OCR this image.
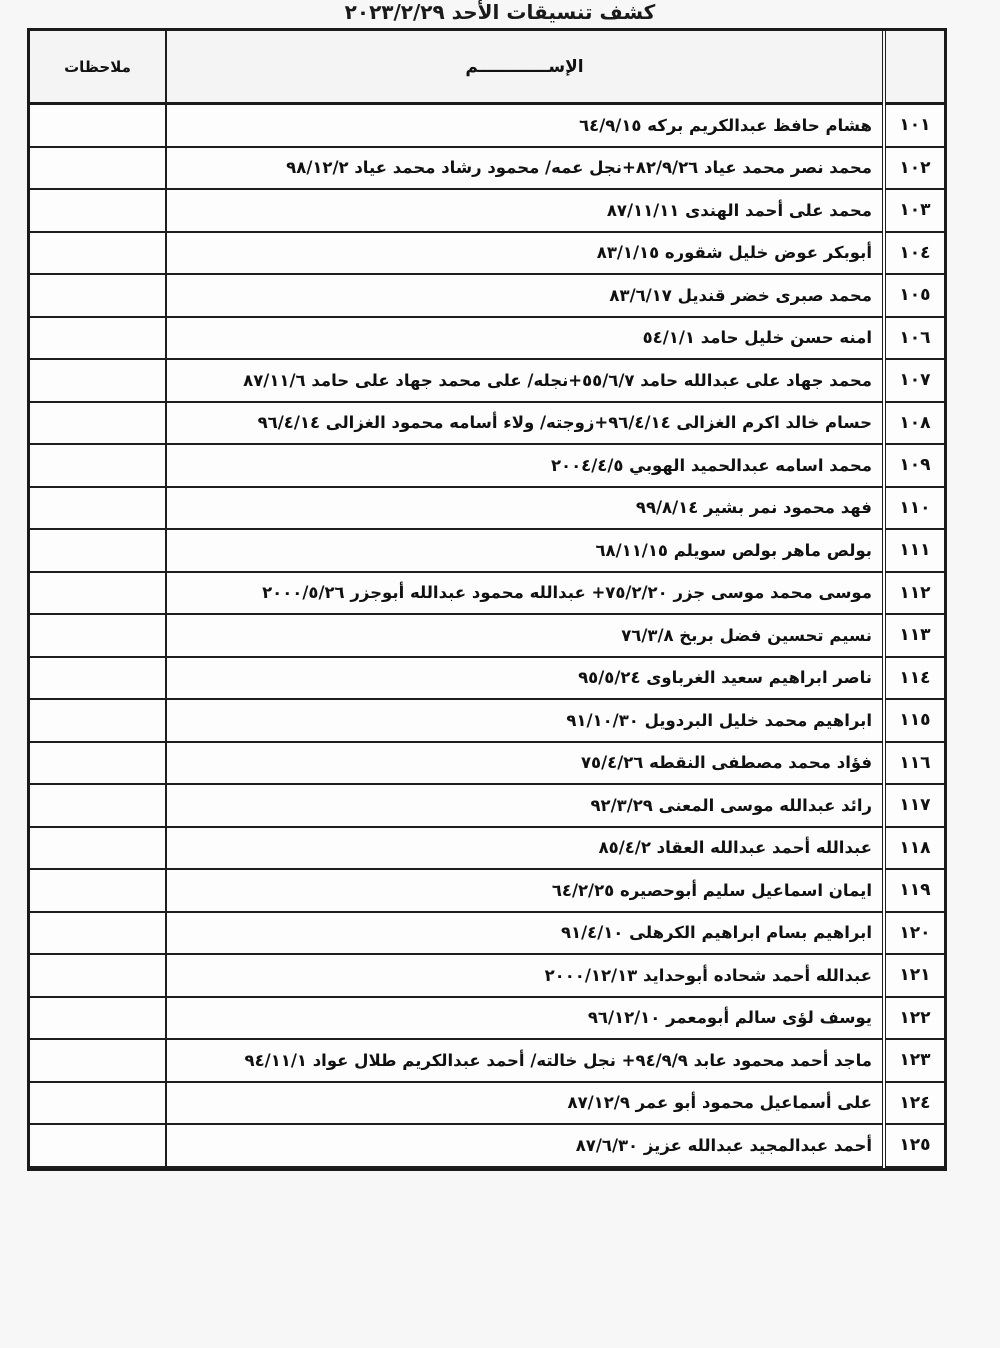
كشف تنسيقات الأحد ٢٠٢٣/٢/٢٩
	الإســــــــــــم	ملاحظات
١٠١	هشام حافظ عبدالكريم بركه ٦٤/٩/١٥	
١٠٢	محمد نصر محمد عياد ٨٢/٩/٢٦+نجل عمه/ محمود رشاد محمد عياد ٩٨/١٢/٢	
١٠٣	محمد على أحمد الهندى ٨٧/١١/١١	
١٠٤	أبوبكر عوض خليل شقوره ٨٣/١/١٥	
١٠٥	محمد صبرى خضر قنديل ٨٣/٦/١٧	
١٠٦	امنه حسن خليل حامد ٥٤/١/١	
١٠٧	محمد جهاد على عبدالله حامد ٥٥/٦/٧+نجله/ على محمد جهاد على حامد ٨٧/١١/٦	
١٠٨	حسام خالد اكرم الغزالى ٩٦/٤/١٤+زوجته/ ولاء أسامه محمود الغزالى ٩٦/٤/١٤	
١٠٩	محمد اسامه عبدالحميد الهوبي ٢٠٠٤/٤/٥	
١١٠	فهد محمود نمر بشير ٩٩/٨/١٤	
١١١	بولص ماهر بولص سويلم ٦٨/١١/١٥	
١١٢	موسى محمد موسى جزر ٧٥/٢/٢٠+ عبدالله محمود عبدالله أبوجزر ٢٠٠٠/٥/٢٦	
١١٣	نسيم تحسين فضل بربخ ٧٦/٣/٨	
١١٤	ناصر ابراهيم سعيد الغرباوى ٩٥/٥/٢٤	
١١٥	ابراهيم محمد خليل البردويل ٩١/١٠/٣٠	
١١٦	فؤاد محمد مصطفى النقطه ٧٥/٤/٢٦	
١١٧	رائد عبدالله موسى المعنى ٩٢/٣/٢٩	
١١٨	عبدالله أحمد عبدالله العقاد ٨٥/٤/٢	
١١٩	ايمان اسماعيل سليم أبوحصيره ٦٤/٢/٢٥	
١٢٠	ابراهيم بسام ابراهيم الكرهلى ٩١/٤/١٠	
١٢١	عبدالله أحمد شحاده أبوحدايد ٢٠٠٠/١٢/١٣	
١٢٢	يوسف لؤى سالم أبومعمر ٩٦/١٢/١٠	
١٢٣	ماجد أحمد محمود عابد ٩٤/٩/٩+ نجل خالته/ أحمد عبدالكريم طلال عواد ٩٤/١١/١	
١٢٤	على أسماعيل محمود أبو عمر ٨٧/١٢/٩	
١٢٥	أحمد عبدالمجيد عبدالله عزيز ٨٧/٦/٣٠	
